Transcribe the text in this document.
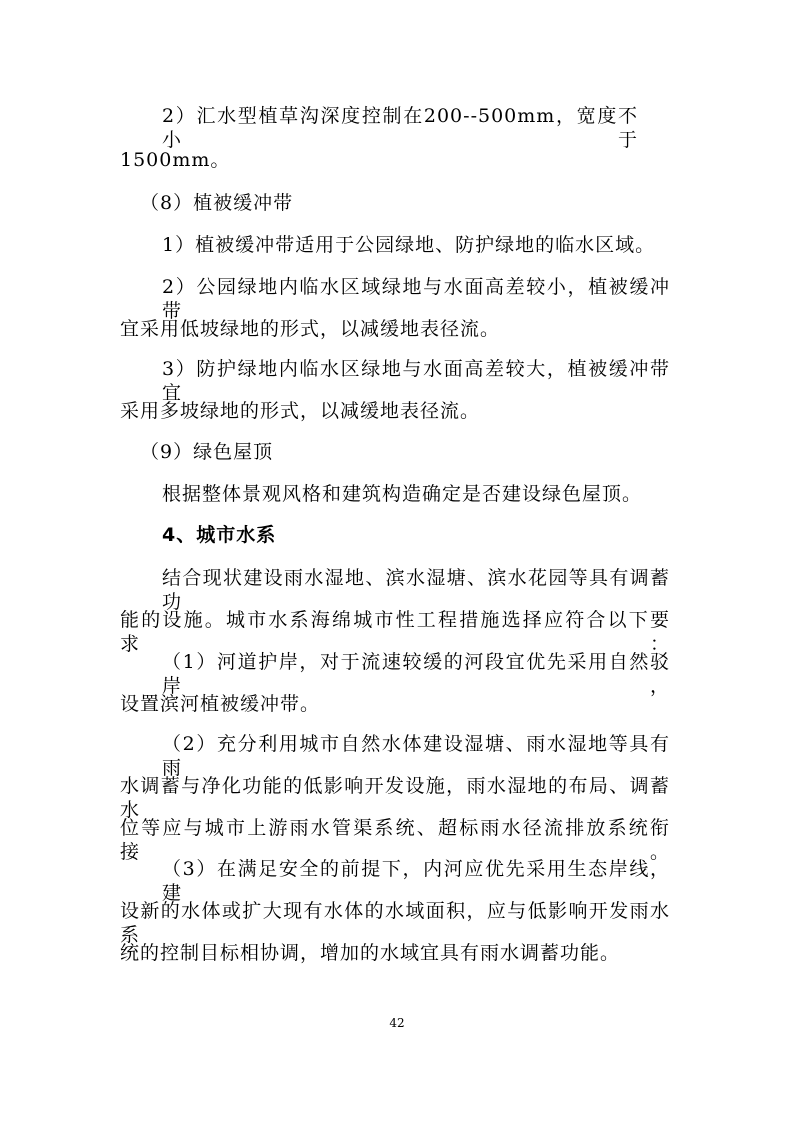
2）汇水型植草沟深度控制在200--500mm，宽度不小于
1500mm。
（8）植被缓冲带
1）植被缓冲带适用于公园绿地、防护绿地的临水区域。
2）公园绿地内临水区域绿地与水面高差较小，植被缓冲带
宜采用低坡绿地的形式，以减缓地表径流。
3）防护绿地内临水区绿地与水面高差较大，植被缓冲带宜
采用多坡绿地的形式，以减缓地表径流。
（9）绿色屋顶
根据整体景观风格和建筑构造确定是否建设绿色屋顶。
4、城市水系
结合现状建设雨水湿地、滨水湿塘、滨水花园等具有调蓄功
能的设施。城市水系海绵城市性工程措施选择应符合以下要求：
（1）河道护岸，对于流速较缓的河段宜优先采用自然驳岸，
设置滨河植被缓冲带。
（2）充分利用城市自然水体建设湿塘、雨水湿地等具有雨
水调蓄与净化功能的低影响开发设施，雨水湿地的布局、调蓄水
位等应与城市上游雨水管渠系统、超标雨水径流排放系统衔接。
（3）在满足安全的前提下，内河应优先采用生态岸线，建
设新的水体或扩大现有水体的水域面积，应与低影响开发雨水系
统的控制目标相协调，增加的水域宜具有雨水调蓄功能。
42
